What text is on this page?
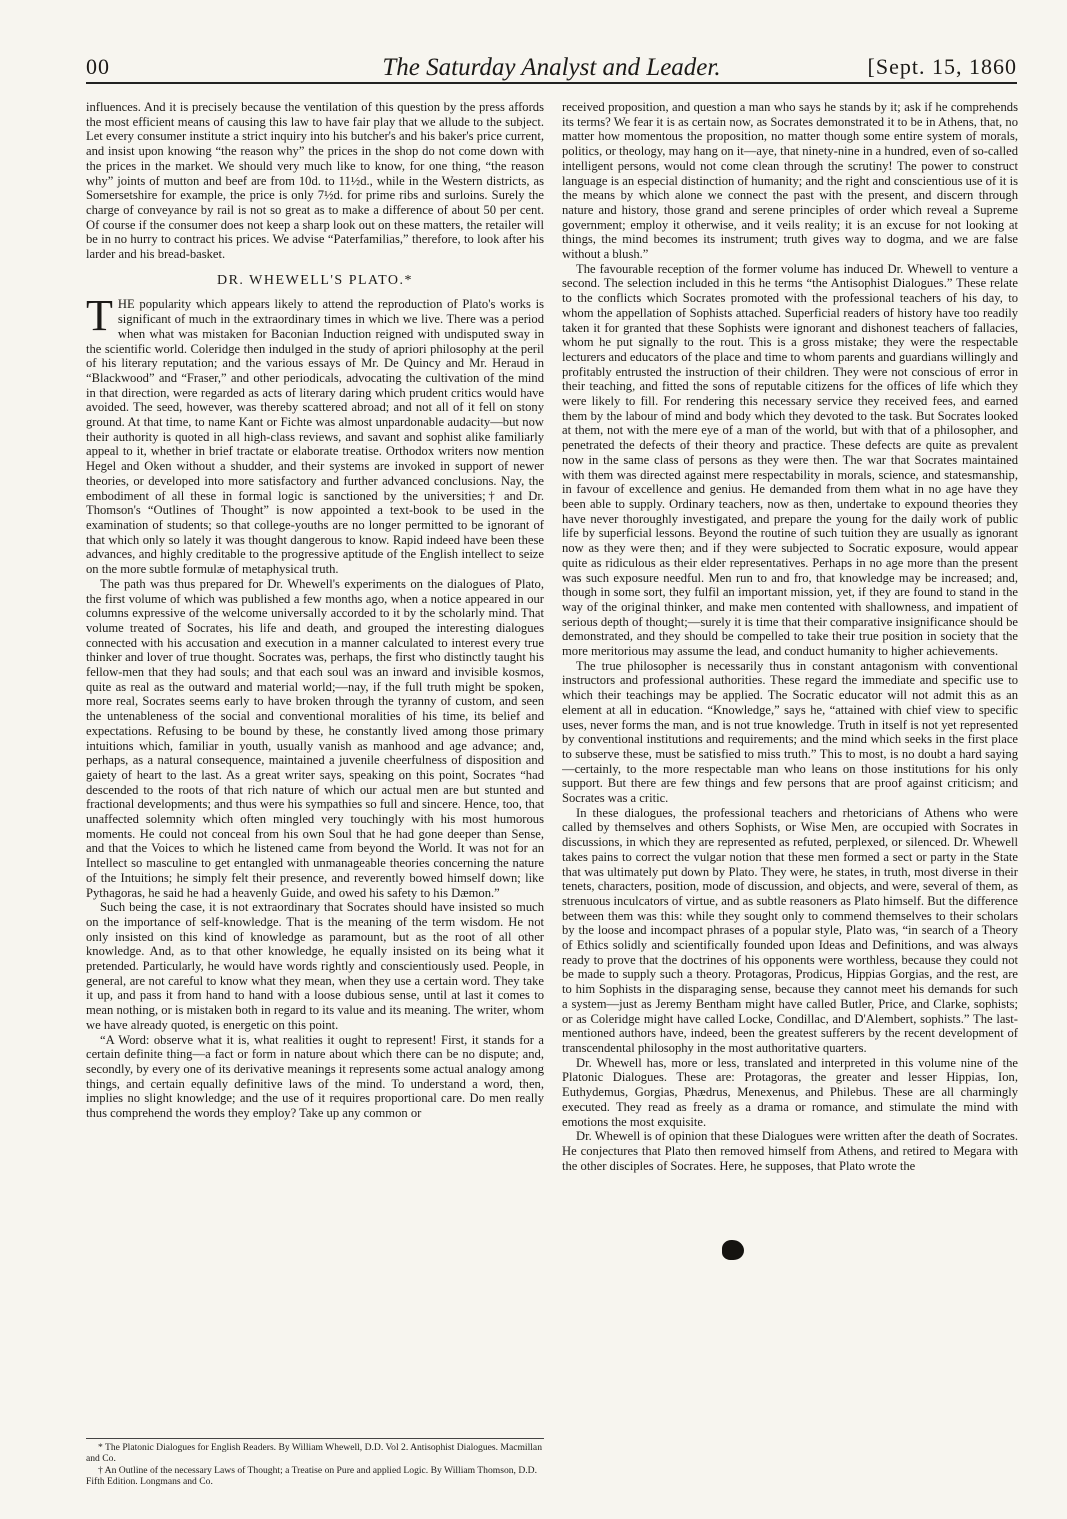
00	The Saturday Analyst and Leader.	[Sept. 15, 1860

influences. And it is precisely because the ventilation of this question by the press affords the most efficient means of causing this law to have fair play that we allude to the subject. Let every consumer institute a strict inquiry into his butcher's and his baker's price current, and insist upon knowing “the reason why” the prices in the shop do not come down with the prices in the market. We should very much like to know, for one thing, “the reason why” joints of mutton and beef are from 10d. to 11½d., while in the Western districts, as Somersetshire for example, the price is only 7½d. for prime ribs and surloins. Surely the charge of conveyance by rail is not so great as to make a difference of about 50 per cent. Of course if the consumer does not keep a sharp look out on these matters, the retailer will be in no hurry to contract his prices. We advise “Paterfamilias,” therefore, to look after his larder and his bread-basket.

DR. WHEWELL'S PLATO.*

THE popularity which appears likely to attend the reproduction of Plato's works is significant of much in the extraordinary times in which we live. There was a period when what was mistaken for Baconian Induction reigned with undisputed sway in the scientific world. Coleridge then indulged in the study of apriori philosophy at the peril of his literary reputation; and the various essays of Mr. De Quincy and Mr. Heraud in “Blackwood” and “Fraser,” and other periodicals, advocating the cultivation of the mind in that direction, were regarded as acts of literary daring which prudent critics would have avoided. The seed, however, was thereby scattered abroad; and not all of it fell on stony ground. At that time, to name Kant or Fichte was almost unpardonable audacity—but now their authority is quoted in all high-class reviews, and savant and sophist alike familiarly appeal to it, whether in brief tractate or elaborate treatise. Orthodox writers now mention Hegel and Oken without a shudder, and their systems are invoked in support of newer theories, or developed into more satisfactory and further advanced conclusions. Nay, the embodiment of all these in formal logic is sanctioned by the universities;† and Dr. Thomson's “Outlines of Thought” is now appointed a text-book to be used in the examination of students; so that college-youths are no longer permitted to be ignorant of that which only so lately it was thought dangerous to know. Rapid indeed have been these advances, and highly creditable to the progressive aptitude of the English intellect to seize on the more subtle formulæ of metaphysical truth.

The path was thus prepared for Dr. Whewell's experiments on the dialogues of Plato, the first volume of which was published a few months ago, when a notice appeared in our columns expressive of the welcome universally accorded to it by the scholarly mind. That volume treated of Socrates, his life and death, and grouped the interesting dialogues connected with his accusation and execution in a manner calculated to interest every true thinker and lover of true thought. Socrates was, perhaps, the first who distinctly taught his fellow-men that they had souls; and that each soul was an inward and invisible kosmos, quite as real as the outward and material world;—nay, if the full truth might be spoken, more real, Socrates seems early to have broken through the tyranny of custom, and seen the untenableness of the social and conventional moralities of his time, its belief and expectations. Refusing to be bound by these, he constantly lived among those primary intuitions which, familiar in youth, usually vanish as manhood and age advance; and, perhaps, as a natural consequence, maintained a juvenile cheerfulness of disposition and gaiety of heart to the last. As a great writer says, speaking on this point, Socrates “had descended to the roots of that rich nature of which our actual men are but stunted and fractional developments; and thus were his sympathies so full and sincere. Hence, too, that unaffected solemnity which often mingled very touchingly with his most humorous moments. He could not conceal from his own Soul that he had gone deeper than Sense, and that the Voices to which he listened came from beyond the World. It was not for an Intellect so masculine to get entangled with unmanageable theories concerning the nature of the Intuitions; he simply felt their presence, and reverently bowed himself down; like Pythagoras, he said he had a heavenly Guide, and owed his safety to his Dæmon.”

Such being the case, it is not extraordinary that Socrates should have insisted so much on the importance of self-knowledge. That is the meaning of the term wisdom. He not only insisted on this kind of knowledge as paramount, but as the root of all other knowledge. And, as to that other knowledge, he equally insisted on its being what it pretended. Particularly, he would have words rightly and conscientiously used. People, in general, are not careful to know what they mean, when they use a certain word. They take it up, and pass it from hand to hand with a loose dubious sense, until at last it comes to mean nothing, or is mistaken both in regard to its value and its meaning. The writer, whom we have already quoted, is energetic on this point.

“A Word: observe what it is, what realities it ought to represent! First, it stands for a certain definite thing—a fact or form in nature about which there can be no dispute; and, secondly, by every one of its derivative meanings it represents some actual analogy among things, and certain equally definitive laws of the mind. To understand a word, then, implies no slight knowledge; and the use of it requires proportional care. Do men really thus comprehend the words they employ? Take up any common or

received proposition, and question a man who says he stands by it; ask if he comprehends its terms? We fear it is as certain now, as Socrates demonstrated it to be in Athens, that, no matter how momentous the proposition, no matter though some entire system of morals, politics, or theology, may hang on it—aye, that ninety-nine in a hundred, even of so-called intelligent persons, would not come clean through the scrutiny! The power to construct language is an especial distinction of humanity; and the right and conscientious use of it is the means by which alone we connect the past with the present, and discern through nature and history, those grand and serene principles of order which reveal a Supreme government; employ it otherwise, and it veils reality; it is an excuse for not looking at things, the mind becomes its instrument; truth gives way to dogma, and we are false without a blush.”

The favourable reception of the former volume has induced Dr. Whewell to venture a second. The selection included in this he terms “the Antisophist Dialogues.” These relate to the conflicts which Socrates promoted with the professional teachers of his day, to whom the appellation of Sophists attached. Superficial readers of history have too readily taken it for granted that these Sophists were ignorant and dishonest teachers of fallacies, whom he put signally to the rout. This is a gross mistake; they were the respectable lecturers and educators of the place and time to whom parents and guardians willingly and profitably entrusted the instruction of their children. They were not conscious of error in their teaching, and fitted the sons of reputable citizens for the offices of life which they were likely to fill. For rendering this necessary service they received fees, and earned them by the labour of mind and body which they devoted to the task. But Socrates looked at them, not with the mere eye of a man of the world, but with that of a philosopher, and penetrated the defects of their theory and practice. These defects are quite as prevalent now in the same class of persons as they were then. The war that Socrates maintained with them was directed against mere respectability in morals, science, and statesmanship, in favour of excellence and genius. He demanded from them what in no age have they been able to supply. Ordinary teachers, now as then, undertake to expound theories they have never thoroughly investigated, and prepare the young for the daily work of public life by superficial lessons. Beyond the routine of such tuition they are usually as ignorant now as they were then; and if they were subjected to Socratic exposure, would appear quite as ridiculous as their elder representatives. Perhaps in no age more than the present was such exposure needful. Men run to and fro, that knowledge may be increased; and, though in some sort, they fulfil an important mission, yet, if they are found to stand in the way of the original thinker, and make men contented with shallowness, and impatient of serious depth of thought;—surely it is time that their comparative insignificance should be demonstrated, and they should be compelled to take their true position in society that the more meritorious may assume the lead, and conduct humanity to higher achievements.

The true philosopher is necessarily thus in constant antagonism with conventional instructors and professional authorities. These regard the immediate and specific use to which their teachings may be applied. The Socratic educator will not admit this as an element at all in education. “Knowledge,” says he, “attained with chief view to specific uses, never forms the man, and is not true knowledge. Truth in itself is not yet represented by conventional institutions and requirements; and the mind which seeks in the first place to subserve these, must be satisfied to miss truth.” This to most, is no doubt a hard saying—certainly, to the more respectable man who leans on those institutions for his only support. But there are few things and few persons that are proof against criticism; and Socrates was a critic.

In these dialogues, the professional teachers and rhetoricians of Athens who were called by themselves and others Sophists, or Wise Men, are occupied with Socrates in discussions, in which they are represented as refuted, perplexed, or silenced. Dr. Whewell takes pains to correct the vulgar notion that these men formed a sect or party in the State that was ultimately put down by Plato. They were, he states, in truth, most diverse in their tenets, characters, position, mode of discussion, and objects, and were, several of them, as strenuous inculcators of virtue, and as subtle reasoners as Plato himself. But the difference between them was this: while they sought only to commend themselves to their scholars by the loose and incompact phrases of a popular style, Plato was, “in search of a Theory of Ethics solidly and scientifically founded upon Ideas and Definitions, and was always ready to prove that the doctrines of his opponents were worthless, because they could not be made to supply such a theory. Protagoras, Prodicus, Hippias Gorgias, and the rest, are to him Sophists in the disparaging sense, because they cannot meet his demands for such a system—just as Jeremy Bentham might have called Butler, Price, and Clarke, sophists; or as Coleridge might have called Locke, Condillac, and D'Alembert, sophists.” The last-mentioned authors have, indeed, been the greatest sufferers by the recent development of transcendental philosophy in the most authoritative quarters.

Dr. Whewell has, more or less, translated and interpreted in this volume nine of the Platonic Dialogues. These are: Protagoras, the greater and lesser Hippias, Ion, Euthydemus, Gorgias, Phædrus, Menexenus, and Philebus. These are all charmingly executed. They read as freely as a drama or romance, and stimulate the mind with emotions the most exquisite.

Dr. Whewell is of opinion that these Dialogues were written after the death of Socrates. He conjectures that Plato then removed himself from Athens, and retired to Megara with the other disciples of Socrates. Here, he supposes, that Plato wrote the

* The Platonic Dialogues for English Readers. By William Whewell, D.D. Vol 2. Antisophist Dialogues. Macmillan and Co.
† An Outline of the necessary Laws of Thought; a Treatise on Pure and applied Logic. By William Thomson, D.D. Fifth Edition. Longmans and Co.
